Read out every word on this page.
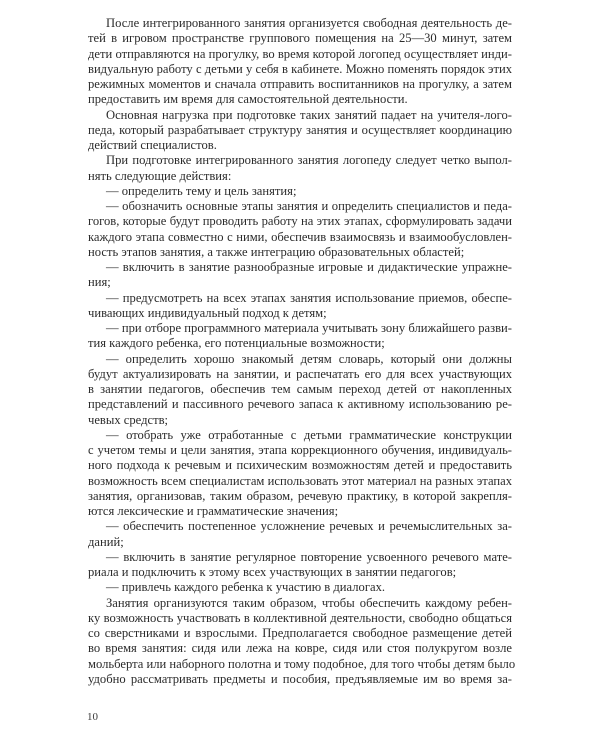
После интегрированного занятия организуется свободная деятельность де-
тей в игровом пространстве группового помещения на 25—30 минут, затем
дети отправляются на прогулку, во время которой логопед осуществляет инди-
видуальную работу с детьми у себя в кабинете. Можно поменять порядок этих
режимных моментов и сначала отправить воспитанников на прогулку, а затем
предоставить им время для самостоятельной деятельности.
Основная нагрузка при подготовке таких занятий падает на учителя-лого-
педа, который разрабатывает структуру занятия и осуществляет координацию
действий специалистов.
При подготовке интегрированного занятия логопеду следует четко выпол-
нять следующие действия:
— определить тему и цель занятия;
— обозначить основные этапы занятия и определить специалистов и педа-
гогов, которые будут проводить работу на этих этапах, сформулировать задачи
каждого этапа совместно с ними, обеспечив взаимосвязь и взаимообусловлен-
ность этапов занятия, а также интеграцию образовательных областей;
— включить в занятие разнообразные игровые и дидактические упражне-
ния;
— предусмотреть на всех этапах занятия использование приемов, обеспе-
чивающих индивидуальный подход к детям;
— при отборе программного материала учитывать зону ближайшего разви-
тия каждого ребенка, его потенциальные возможности;
— определить хорошо знакомый детям словарь, который они должны
будут актуализировать на занятии, и распечатать его для всех участвующих
в занятии педагогов, обеспечив тем самым переход детей от накопленных
представлений и пассивного речевого запаса к активному использованию ре-
чевых средств;
— отобрать уже отработанные с детьми грамматические конструкции
с учетом темы и цели занятия, этапа коррекционного обучения, индивидуаль-
ного подхода к речевым и психическим возможностям детей и предоставить
возможность всем специалистам использовать этот материал на разных этапах
занятия, организовав, таким образом, речевую практику, в которой закрепля-
ются лексические и грамматические значения;
— обеспечить постепенное усложнение речевых и речемыслительных за-
даний;
— включить в занятие регулярное повторение усвоенного речевого мате-
риала и подключить к этому всех участвующих в занятии педагогов;
— привлечь каждого ребенка к участию в диалогах.
Занятия организуются таким образом, чтобы обеспечить каждому ребен-
ку возможность участвовать в коллективной деятельности, свободно общаться
со сверстниками и взрослыми. Предполагается свободное размещение детей
во время занятия: сидя или лежа на ковре, сидя или стоя полукругом возле
мольберта или наборного полотна и тому подобное, для того чтобы детям было
удобно рассматривать предметы и пособия, предъявляемые им во время за-
10
